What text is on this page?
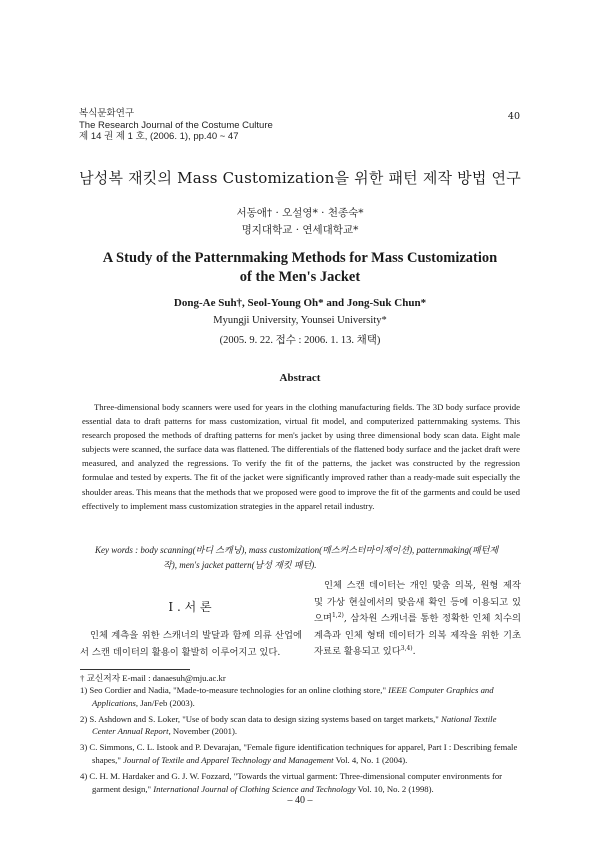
복식문화연구
The Research Journal of the Costume Culture
제 14 권 제 1 호, (2006. 1), pp.40 ~ 47
40
남성복 재킷의 Mass Customization을 위한 패턴 제작 방법 연구
서동애† · 오설영* · 천종숙*
명지대학교 · 연세대학교*
A Study of the Patternmaking Methods for Mass Customization
of the Men's Jacket
Dong-Ae Suh†, Seol-Young Oh* and Jong-Suk Chun*
Myungji University, Younsei University*
(2005. 9. 22. 접수 : 2006. 1. 13. 채택)
Abstract

Three-dimensional body scanners were used for years in the clothing manufacturing fields. The 3D body surface provide essential data to draft patterns for mass customization, virtual fit model, and computerized patternmaking systems. This research proposed the methods of drafting patterns for men's jacket by using three dimensional body scan data. Eight male subjects were scanned, the surface data was flattened. The differentials of the flattened body surface and the jacket draft were measured, and analyzed the regressions. To verify the fit of the patterns, the jacket was constructed by the regression formulae and tested by experts. The fit of the jacket were significantly improved rather than a ready-made suit especially the shoulder areas. This means that the methods that we proposed were good to improve the fit of the garments and could be used effectively to implement mass customization strategies in the apparel retail industry.

Key words : body scanning(바디 스캐닝), mass customization(매스커스터마이제이션), patternmaking(패턴제
작), men's jacket pattern(남성 재킷 패턴).
I . 서 론

인체 계측을 위한 스캐너의 발달과 함께 의류 산업에서 스캔 데이터의 활용이 활발히 이루어지고 있다.

인체 스캔 데이터는 개인 맞춤 의복, 원형 제작 및 가상 현실에서의 맞음새 확인 등에 이용되고 있으며$^{1,2)}$, 삼차원 스캐너를 통한 정확한 인체 치수의 계측과 인체 형태 데이터가 의복 제작을 위한 기초 자료로 활용되고 있다$^{3,4)}$.

† 교신저자 E-mail : danaesuh@mju.ac.kr
1) Seo Cordier and Nadia, "Made-to-measure technologies for an online clothing store," IEEE Computer Graphics and Applications, Jan/Feb (2003).
2) S. Ashdown and S. Loker, "Use of body scan data to design sizing systems based on target markets," National Textile Center Annual Report, November (2001).
3) C. Simmons, C. L. Istook and P. Devarajan, "Female figure identification techniques for apparel, Part I : Describing female shapes," Journal of Textile and Apparel Technology and Management Vol. 4, No. 1 (2004).
4) C. H. M. Hardaker and G. J. W. Fozzard, "Towards the virtual garment: Three-dimensional computer environments for garment design," International Journal of Clothing Science and Technology Vol. 10, No. 2 (1998).
– 40 –
